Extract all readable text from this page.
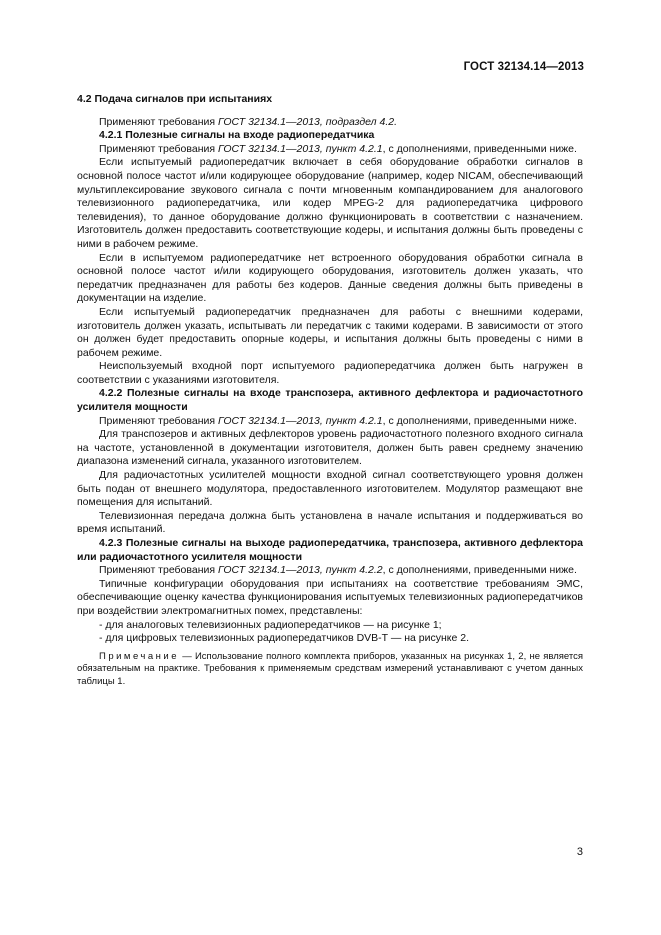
ГОСТ 32134.14—2013

4.2 Подача сигналов при испытаниях

Применяют требования ГОСТ 32134.1—2013, подраздел 4.2.

4.2.1 Полезные сигналы на входе радиопередатчика

Применяют требования ГОСТ 32134.1—2013, пункт 4.2.1, с дополнениями, приведенными ниже.

Если испытуемый радиопередатчик включает в себя оборудование обработки сигналов в основной полосе частот и/или кодирующее оборудование (например, кодер NICAM, обеспечивающий мультиплексирование звукового сигнала с почти мгновенным компандированием для аналогового телевизионного радиопередатчика, или кодер MPEG-2 для радиопередатчика цифрового телевидения), то данное оборудование должно функционировать в соответствии с назначением. Изготовитель должен предоставить соответствующие кодеры, и испытания должны быть проведены с ними в рабочем режиме.

Если в испытуемом радиопередатчике нет встроенного оборудования обработки сигнала в основной полосе частот и/или кодирующего оборудования, изготовитель должен указать, что передатчик предназначен для работы без кодеров. Данные сведения должны быть приведены в документации на изделие.

Если испытуемый радиопередатчик предназначен для работы с внешними кодерами, изготовитель должен указать, испытывать ли передатчик с такими кодерами. В зависимости от этого он должен будет предоставить опорные кодеры, и испытания должны быть проведены с ними в рабочем режиме.

Неиспользуемый входной порт испытуемого радиопередатчика должен быть нагружен в соответствии с указаниями изготовителя.

4.2.2 Полезные сигналы на входе транспозера, активного дефлектора и радиочастотного усилителя мощности

Применяют требования ГОСТ 32134.1—2013, пункт 4.2.1, с дополнениями, приведенными ниже.

Для транспозеров и активных дефлекторов уровень радиочастотного полезного входного сигнала на частоте, установленной в документации изготовителя, должен быть равен среднему значению диапазона изменений сигнала, указанного изготовителем.

Для радиочастотных усилителей мощности входной сигнал соответствующего уровня должен быть подан от внешнего модулятора, предоставленного изготовителем. Модулятор размещают вне помещения для испытаний.

Телевизионная передача должна быть установлена в начале испытания и поддерживаться во время испытаний.

4.2.3 Полезные сигналы на выходе радиопередатчика, транспозера, активного дефлектора или радиочастотного усилителя мощности

Применяют требования ГОСТ 32134.1—2013, пункт 4.2.2, с дополнениями, приведенными ниже.

Типичные конфигурации оборудования при испытаниях на соответствие требованиям ЭМС, обеспечивающие оценку качества функционирования испытуемых телевизионных радиопередатчиков при воздействии электромагнитных помех, представлены:

- для аналоговых телевизионных радиопередатчиков — на рисунке 1;

- для цифровых телевизионных радиопередатчиков DVB-T — на рисунке 2.

Примечание — Использование полного комплекта приборов, указанных на рисунках 1, 2, не является обязательным на практике. Требования к применяемым средствам измерений устанавливают с учетом данных таблицы 1.

3
